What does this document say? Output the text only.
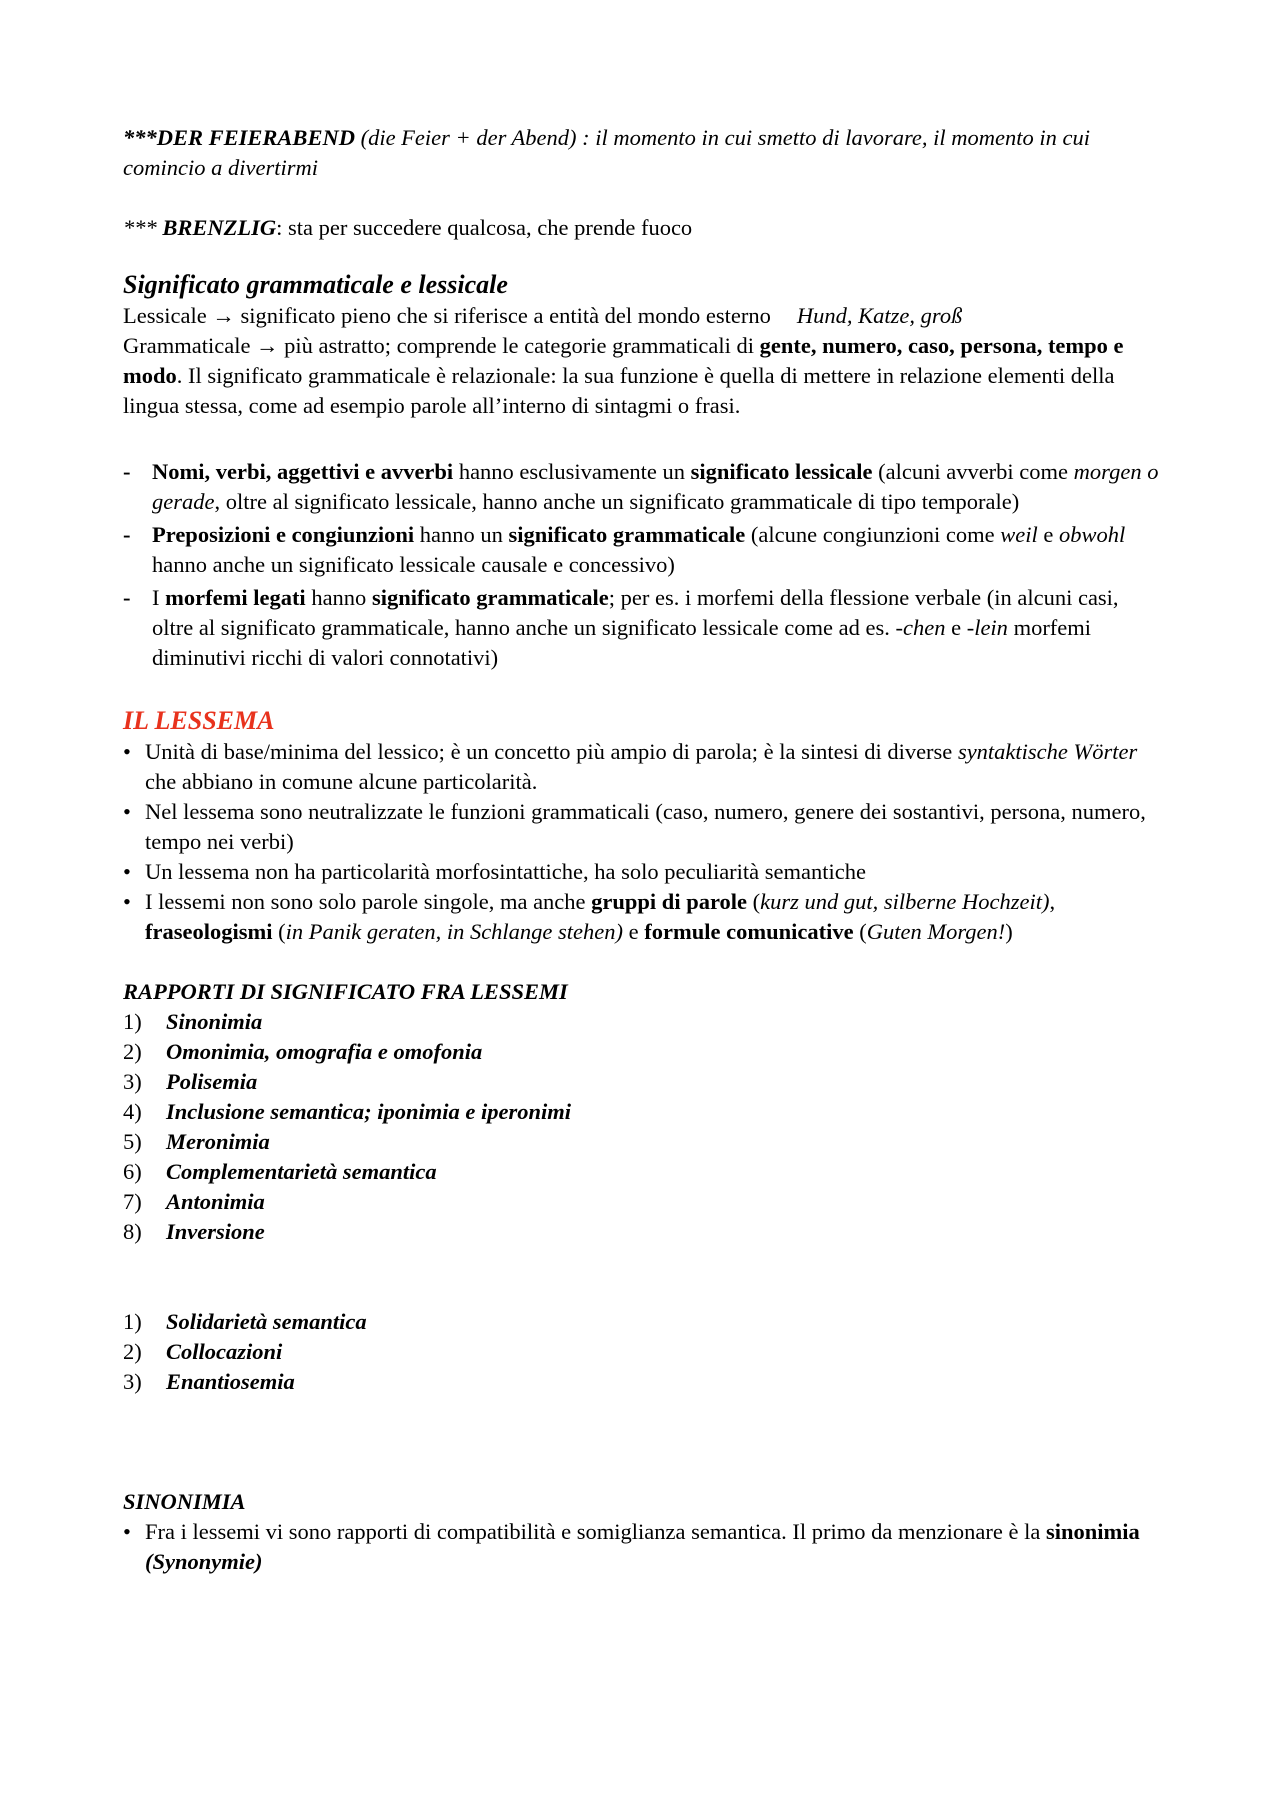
***DER FEIERABEND (die Feier + der Abend) : il momento in cui smetto di lavorare, il momento in cui comincio a divertirmi

*** BRENZLIG: sta per succedere qualcosa, che prende fuoco

Significato grammaticale e lessicale

Lessicale → significato pieno che si riferisce a entità del mondo esterno Hund, Katze, groß

Grammaticale → più astratto; comprende le categorie grammaticali di gente, numero, caso, persona, tempo e modo. Il significato grammaticale è relazionale: la sua funzione è quella di mettere in relazione elementi della lingua stessa, come ad esempio parole all’interno di sintagmi o frasi.

- Nomi, verbi, aggettivi e avverbi hanno esclusivamente un significato lessicale (alcuni avverbi come morgen o gerade, oltre al significato lessicale, hanno anche un significato grammaticale di tipo temporale)
- Preposizioni e congiunzioni hanno un significato grammaticale (alcune congiunzioni come weil e obwohl hanno anche un significato lessicale causale e concessivo)
- I morfemi legati hanno significato grammaticale; per es. i morfemi della flessione verbale (in alcuni casi, oltre al significato grammaticale, hanno anche un significato lessicale come ad es. -chen e -lein morfemi diminutivi ricchi di valori connotativi)

IL LESSEMA

• Unità di base/minima del lessico; è un concetto più ampio di parola; è la sintesi di diverse syntaktische Wörter che abbiano in comune alcune particolarità.
• Nel lessema sono neutralizzate le funzioni grammaticali (caso, numero, genere dei sostantivi, persona, numero, tempo nei verbi)
• Un lessema non ha particolarità morfosintattiche, ha solo peculiarità semantiche
• I lessemi non sono solo parole singole, ma anche gruppi di parole (kurz und gut, silberne Hochzeit), fraseologismi (in Panik geraten, in Schlange stehen) e formule comunicative (Guten Morgen!)

RAPPORTI DI SIGNIFICATO FRA LESSEMI

1) Sinonimia
2) Omonimia, omografia e omofonia
3) Polisemia
4) Inclusione semantica; iponimia e iperonimi
5) Meronimia
6) Complementarietà semantica
7) Antonimia
8) Inversione
1) Solidarietà semantica
2) Collocazioni
3) Enantiosemia

SINONIMIA

• Fra i lessemi vi sono rapporti di compatibilità e somiglianza semantica. Il primo da menzionare è la sinonimia (Synonymie)
